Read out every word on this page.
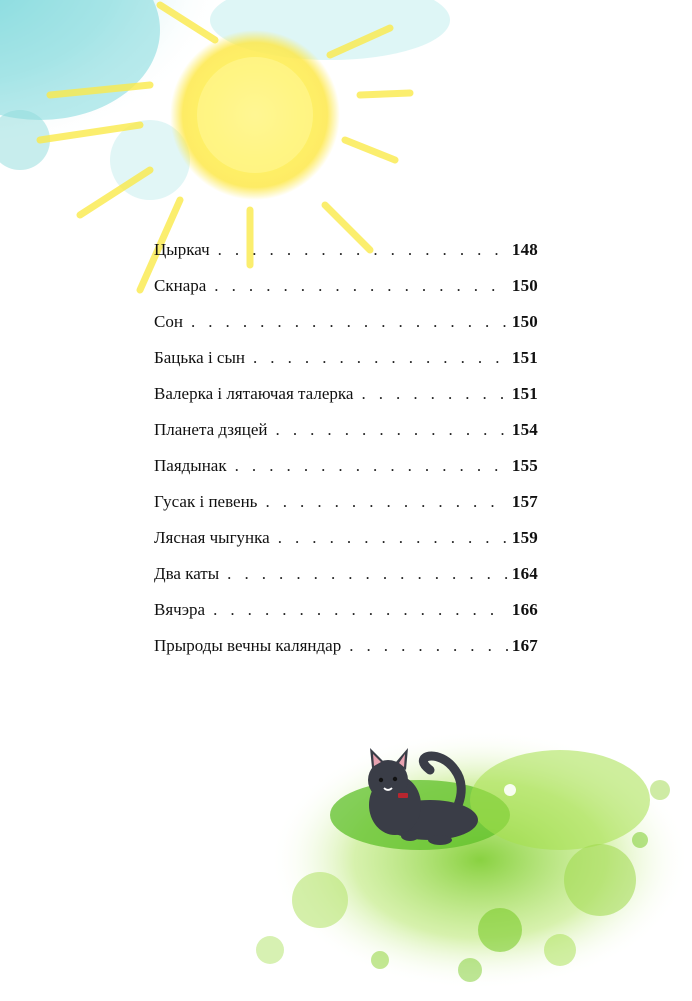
Цыркач . . .	148
Скнара . . .	150
Сон . . .	150
Бацька і сын . . .	151
Валерка і лятаючая талерка . . .	151
Планета дзяцей . . .	154
Паядынак . . .	155
Гусак і певень . . .	157
Лясная чыгунка . . .	159
Два каты . . .	164
Вячэра . . .	166
Прыроды вечны каляндар . . .	167
